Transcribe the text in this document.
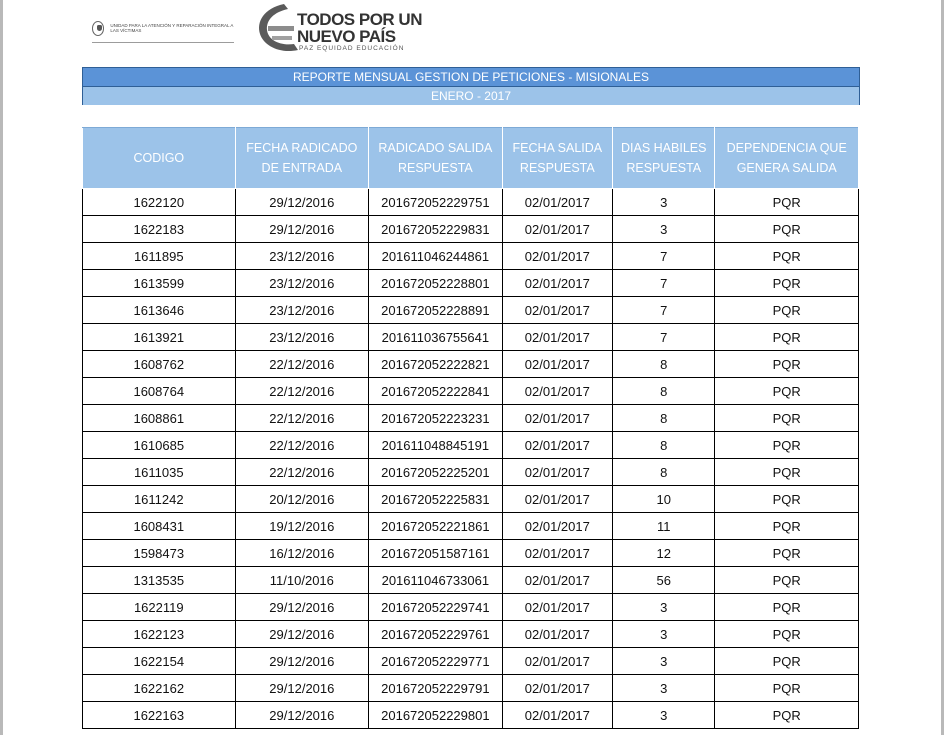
UNIDAD PARA LA ATENCIÓN Y REPARACIÓN INTEGRAL A LAS VÍCTIMAS
TODOS POR UN
NUEVO PAÍS
PAZ EQUIDAD EDUCACIÓN
REPORTE MENSUAL GESTION DE PETICIONES - MISIONALES
ENERO - 2017
CODIGO	FECHA RADICADO DE ENTRADA	RADICADO SALIDA RESPUESTA	FECHA SALIDA RESPUESTA	DIAS HABILES RESPUESTA	DEPENDENCIA QUE GENERA SALIDA
1622120	29/12/2016	201672052229751	02/01/2017	3	PQR
1622183	29/12/2016	201672052229831	02/01/2017	3	PQR
1611895	23/12/2016	201611046244861	02/01/2017	7	PQR
1613599	23/12/2016	201672052228801	02/01/2017	7	PQR
1613646	23/12/2016	201672052228891	02/01/2017	7	PQR
1613921	23/12/2016	201611036755641	02/01/2017	7	PQR
1608762	22/12/2016	201672052222821	02/01/2017	8	PQR
1608764	22/12/2016	201672052222841	02/01/2017	8	PQR
1608861	22/12/2016	201672052223231	02/01/2017	8	PQR
1610685	22/12/2016	201611048845191	02/01/2017	8	PQR
1611035	22/12/2016	201672052225201	02/01/2017	8	PQR
1611242	20/12/2016	201672052225831	02/01/2017	10	PQR
1608431	19/12/2016	201672052221861	02/01/2017	11	PQR
1598473	16/12/2016	201672051587161	02/01/2017	12	PQR
1313535	11/10/2016	201611046733061	02/01/2017	56	PQR
1622119	29/12/2016	201672052229741	02/01/2017	3	PQR
1622123	29/12/2016	201672052229761	02/01/2017	3	PQR
1622154	29/12/2016	201672052229771	02/01/2017	3	PQR
1622162	29/12/2016	201672052229791	02/01/2017	3	PQR
1622163	29/12/2016	201672052229801	02/01/2017	3	PQR
